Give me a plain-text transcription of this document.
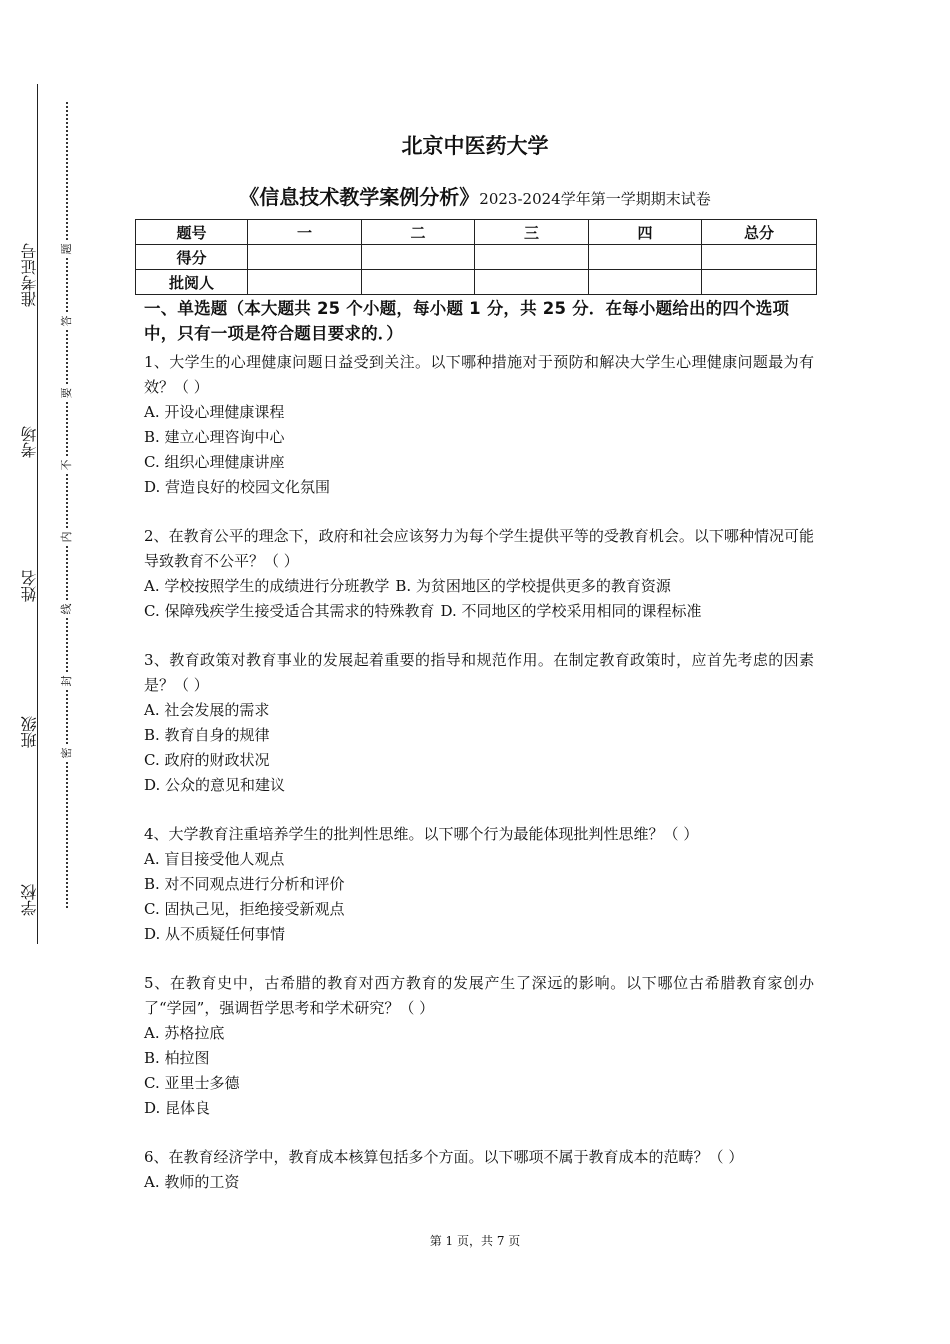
准考证号
考场
姓名
班级
学校
题
答
要
不
内
线
封
密
北京中医药大学
《信息技术教学案例分析》2023-2024学年第一学期期末试卷
题号	一	二	三	四	总分
得分					
批阅人					

一、单选题（本大题共 25 个小题，每小题 1 分，共 25 分．在每小题给出的四个选项中，只有一项是符合题目要求的．）

1、大学生的心理健康问题日益受到关注。以下哪种措施对于预防和解决大学生心理健康问题最为有效？（ ）

A. 开设心理健康课程

B. 建立心理咨询中心

C. 组织心理健康讲座

D. 营造良好的校园文化氛围

2、在教育公平的理念下，政府和社会应该努力为每个学生提供平等的受教育机会。以下哪种情况可能导致教育不公平？（ ）

A. 学校按照学生的成绩进行分班教学 B. 为贫困地区的学校提供更多的教育资源

C. 保障残疾学生接受适合其需求的特殊教育 D. 不同地区的学校采用相同的课程标准

3、教育政策对教育事业的发展起着重要的指导和规范作用。在制定教育政策时，应首先考虑的因素是？（ ）

A. 社会发展的需求

B. 教育自身的规律

C. 政府的财政状况

D. 公众的意见和建议

4、大学教育注重培养学生的批判性思维。以下哪个行为最能体现批判性思维？（ ）

A. 盲目接受他人观点

B. 对不同观点进行分析和评价

C. 固执己见，拒绝接受新观点

D. 从不质疑任何事情

5、在教育史中，古希腊的教育对西方教育的发展产生了深远的影响。以下哪位古希腊教育家创办了“学园”，强调哲学思考和学术研究？（ ）

A. 苏格拉底

B. 柏拉图

C. 亚里士多德

D. 昆体良

6、在教育经济学中，教育成本核算包括多个方面。以下哪项不属于教育成本的范畴？（ ）

A. 教师的工资

第 1 页，共 7 页
